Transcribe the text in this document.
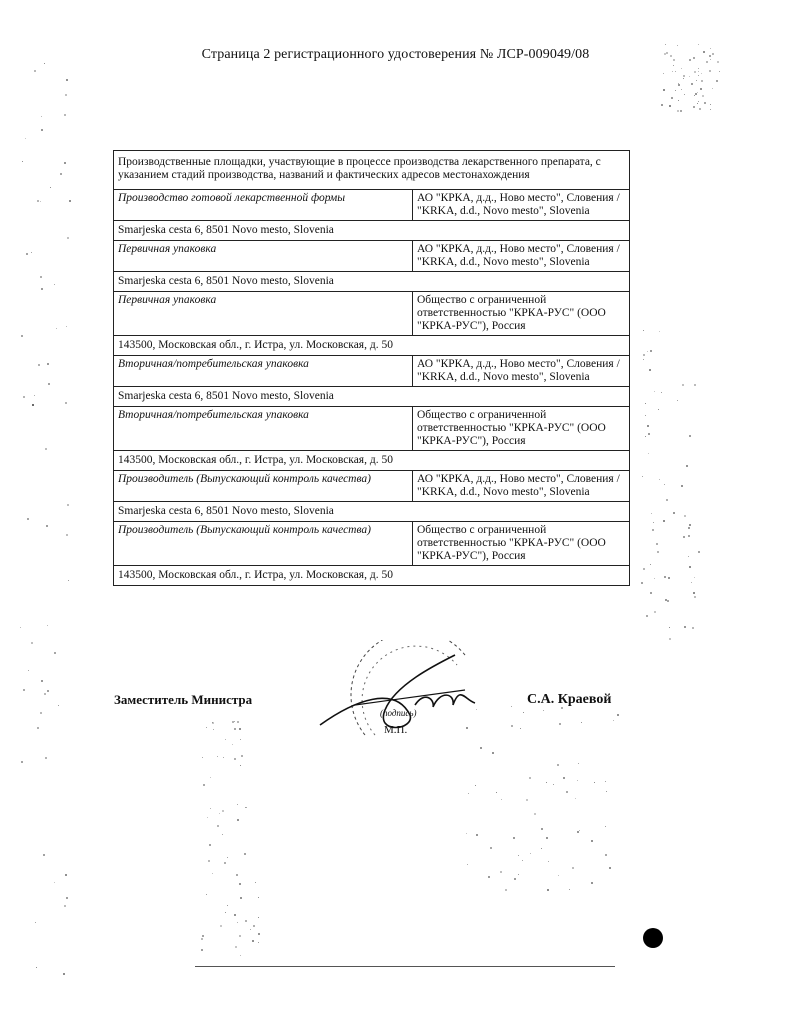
Страница 2 регистрационного удостоверения № ЛСР-009049/08
Производственные площадки, участвующие в процессе производства лекарственного препарата, с указанием стадий производства, названий и фактических адресов местонахождения
Производство готовой лекарственной формы	АО "КРКА, д.д., Ново место", Словения / "KRKA, d.d., Novo mesto", Slovenia
Smarjeska cesta 6, 8501 Novo mesto, Slovenia
Первичная упаковка	АО "КРКА, д.д., Ново место", Словения / "KRKA, d.d., Novo mesto", Slovenia
Smarjeska cesta 6, 8501 Novo mesto, Slovenia
Первичная упаковка	Общество с ограниченной ответственностью "КРКА-РУС" (ООО "КРКА-РУС"), Россия
143500, Московская обл., г. Истра, ул. Московская, д. 50
Вторичная/потребительская упаковка	АО "КРКА, д.д., Ново место", Словения / "KRKA, d.d., Novo mesto", Slovenia
Smarjeska cesta 6, 8501 Novo mesto, Slovenia
Вторичная/потребительская упаковка	Общество с ограниченной ответственностью "КРКА-РУС" (ООО "КРКА-РУС"), Россия
143500, Московская обл., г. Истра, ул. Московская, д. 50
Производитель (Выпускающий контроль качества)	АО "КРКА, д.д., Ново место", Словения / "KRKA, d.d., Novo mesto", Slovenia
Smarjeska cesta 6, 8501 Novo mesto, Slovenia
Производитель (Выпускающий контроль качества)	Общество с ограниченной ответственностью "КРКА-РУС" (ООО "КРКА-РУС"), Россия
143500, Московская обл., г. Истра, ул. Московская, д. 50
Заместитель Министра
(подпись)
М.П.
С.А. Краевой
